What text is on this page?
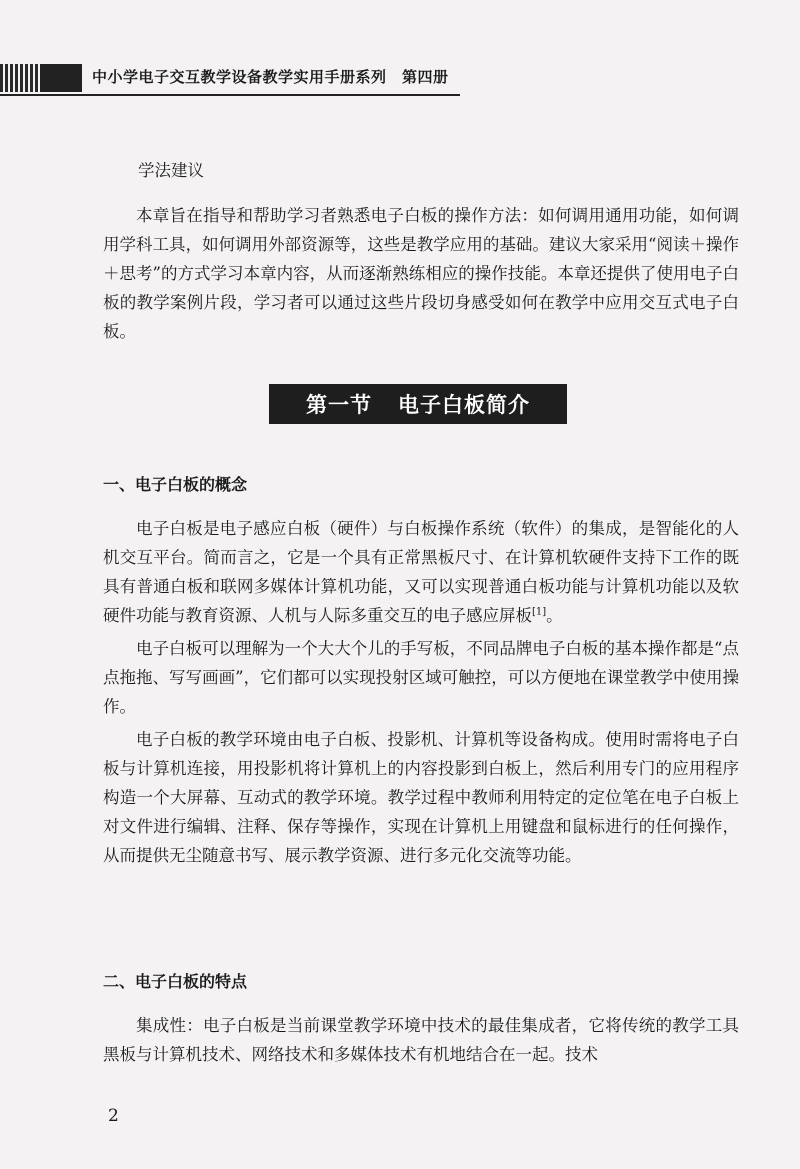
中小学电子交互教学设备教学实用手册系列　第四册
学法建议

本章旨在指导和帮助学习者熟悉电子白板的操作方法：如何调用通用功能，如何调用学科工具，如何调用外部资源等，这些是教学应用的基础。建议大家采用“阅读＋操作＋思考”的方式学习本章内容，从而逐渐熟练相应的操作技能。本章还提供了使用电子白板的教学案例片段，学习者可以通过这些片段切身感受如何在教学中应用交互式电子白板。

第一节 电子白板简介
一、电子白板的概念

电子白板是电子感应白板（硬件）与白板操作系统（软件）的集成，是智能化的人机交互平台。简而言之，它是一个具有正常黑板尺寸、在计算机软硬件支持下工作的既具有普通白板和联网多媒体计算机功能，又可以实现普通白板功能与计算机功能以及软硬件功能与教育资源、人机与人际多重交互的电子感应屏板[1]。

电子白板可以理解为一个大大个儿的手写板，不同品牌电子白板的基本操作都是“点点拖拖、写写画画”，它们都可以实现投射区域可触控，可以方便地在课堂教学中使用操作。

电子白板的教学环境由电子白板、投影机、计算机等设备构成。使用时需将电子白板与计算机连接，用投影机将计算机上的内容投影到白板上，然后利用专门的应用程序构造一个大屏幕、互动式的教学环境。教学过程中教师利用特定的定位笔在电子白板上对文件进行编辑、注释、保存等操作，实现在计算机上用键盘和鼠标进行的任何操作，从而提供无尘随意书写、展示教学资源、进行多元化交流等功能。

二、电子白板的特点

集成性：电子白板是当前课堂教学环境中技术的最佳集成者，它将传统的教学工具黑板与计算机技术、网络技术和多媒体技术有机地结合在一起。技术

2
